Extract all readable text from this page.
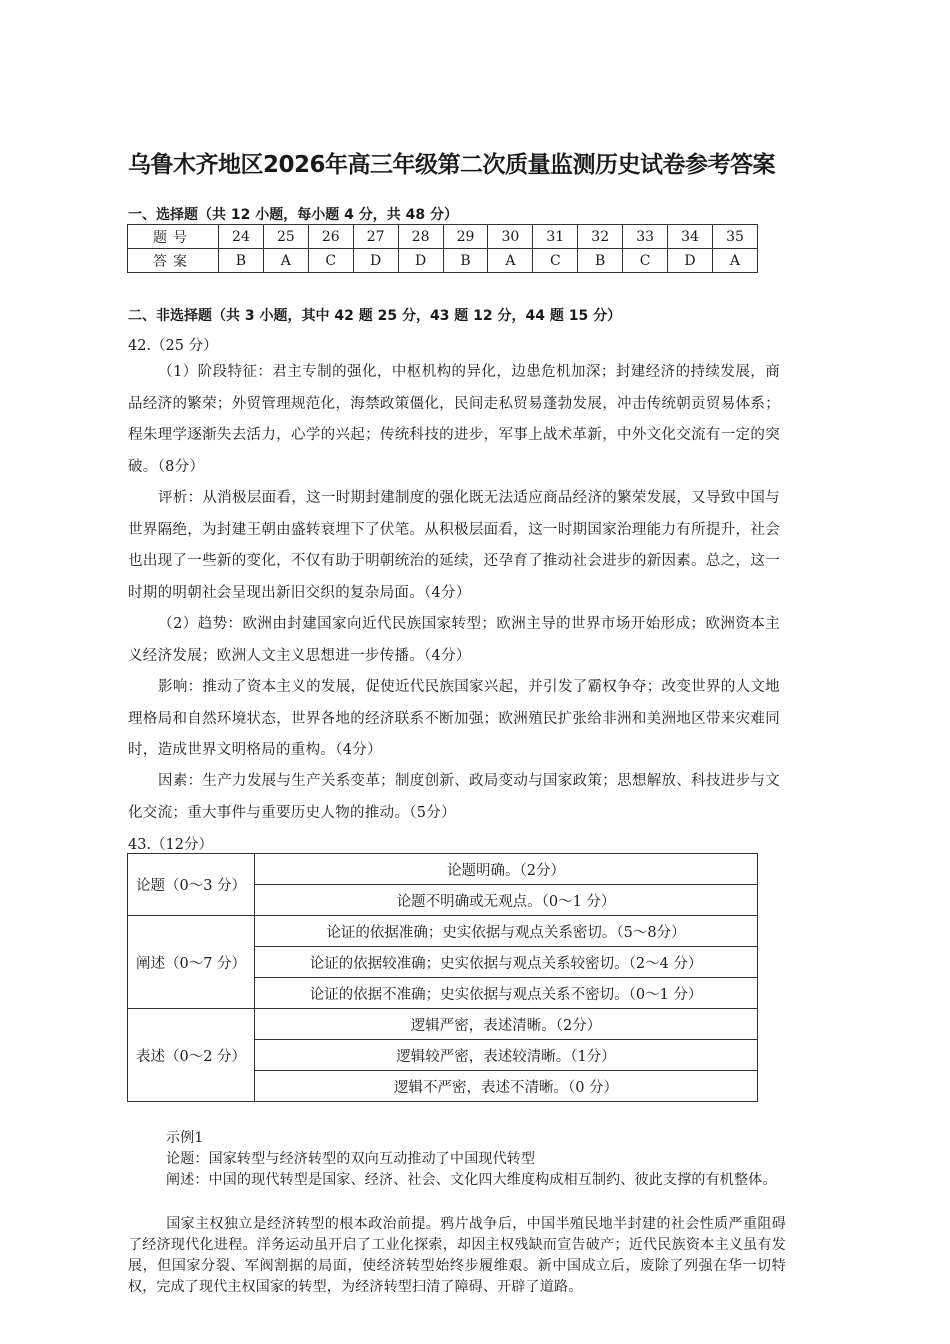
乌鲁木齐地区2026年高三年级第二次质量监测历史试卷参考答案
一、选择题（共 12 小题，每小题 4 分，共 48 分）
题号	24	25	26	27	28	29	30	31	32	33	34	35
答案	B	A	C	D	D	B	A	C	B	C	D	A
二、非选择题（共 3 小题，其中 42 题 25 分，43 题 12 分，44 题 15 分）
42.（25 分）
（1）阶段特征：君主专制的强化，中枢机构的异化，边患危机加深；封建经济的持续发展，商品经济的繁荣；外贸管理规范化，海禁政策僵化，民间走私贸易蓬勃发展，冲击传统朝贡贸易体系；程朱理学逐渐失去活力，心学的兴起；传统科技的进步，军事上战术革新，中外文化交流有一定的突破。（8分）
评析：从消极层面看，这一时期封建制度的强化既无法适应商品经济的繁荣发展，又导致中国与世界隔绝，为封建王朝由盛转衰埋下了伏笔。从积极层面看，这一时期国家治理能力有所提升，社会也出现了一些新的变化，不仅有助于明朝统治的延续，还孕育了推动社会进步的新因素。总之，这一时期的明朝社会呈现出新旧交织的复杂局面。（4分）
（2）趋势：欧洲由封建国家向近代民族国家转型；欧洲主导的世界市场开始形成；欧洲资本主义经济发展；欧洲人文主义思想进一步传播。（4分）
影响：推动了资本主义的发展，促使近代民族国家兴起，并引发了霸权争夺；改变世界的人文地理格局和自然环境状态，世界各地的经济联系不断加强；欧洲殖民扩张给非洲和美洲地区带来灾难同时，造成世界文明格局的重构。（4分）
因素：生产力发展与生产关系变革；制度创新、政局变动与国家政策；思想解放、科技进步与文化交流；重大事件与重要历史人物的推动。（5分）
43.（12分）
论题（0～3 分）	论题明确。（2分）
	论题不明确或无观点。（0～1 分）
阐述（0～7 分）	论证的依据准确；史实依据与观点关系密切。（5～8分）
	论证的依据较准确；史实依据与观点关系较密切。（2～4 分）
	论证的依据不准确；史实依据与观点关系不密切。（0～1 分）
表述（0～2 分）	逻辑严密，表述清晰。（2分）
	逻辑较严密，表述较清晰。（1分）
	逻辑不严密，表述不清晰。（0 分）
示例1
论题：国家转型与经济转型的双向互动推动了中国现代转型
阐述：中国的现代转型是国家、经济、社会、文化四大维度构成相互制约、彼此支撑的有机整体。
国家主权独立是经济转型的根本政治前提。鸦片战争后，中国半殖民地半封建的社会性质严重阻碍了经济现代化进程。洋务运动虽开启了工业化探索，却因主权残缺而宣告破产；近代民族资本主义虽有发展，但国家分裂、军阀割据的局面，使经济转型始终步履维艰。新中国成立后，废除了列强在华一切特权，完成了现代主权国家的转型，为经济转型扫清了障碍、开辟了道路。
